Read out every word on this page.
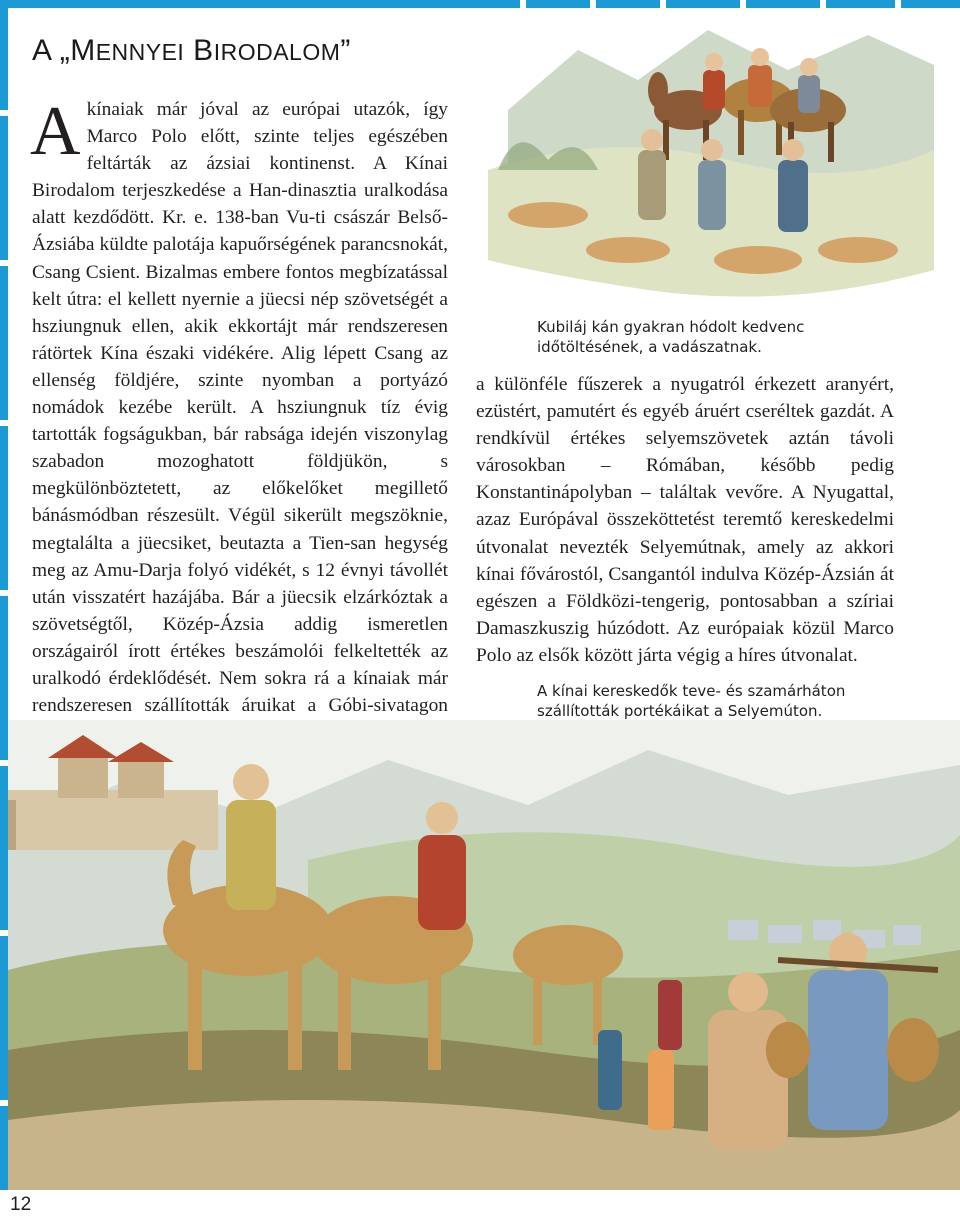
A „MENNYEI BIRODALOM”
Akínaiak már jóval az európai utazók, így Marco Polo előtt, szinte teljes egészében feltárták az ázsiai kontinenst. A Kínai Birodalom terjeszkedése a Han-dinasztia uralkodása alatt kezdődött. Kr. e. 138-ban Vu-ti császár Belső-Ázsiába küldte palotája kapuőrségének parancsnokát, Csang Csient. Bizalmas embere fontos megbízatással kelt útra: el kellett nyernie a jüecsi nép szövetségét a hsziungnuk ellen, akik ekkortájt már rendszeresen rátörtek Kína északi vidékére. Alig lépett Csang az ellenség földjére, szinte nyomban a portyázó nomádok kezébe került. A hsziungnuk tíz évig tartották fogságukban, bár rabsága idején viszonylag szabadon mozoghatott földjükön, s megkülönböztetett, az előkelőket megillető bánásmódban részesült. Végül sikerült megszöknie, megtalálta a jüecsiket, beutazta a Tien-san hegység meg az Amu-Darja folyó vidékét, s 12 évnyi távollét után visszatért hazájába. Bár a jüecsik elzárkóztak a szövetségtől, Közép-Ázsia addig ismeretlen országairól írott értékes beszámolói felkeltették az uralkodó érdeklődését. Nem sokra rá a kínaiak már rendszeresen szállították áruikat a Góbi-sivatagon
Kubiláj kán gyakran hódolt kedvenc időtöltésének, a vadászatnak.
a különféle fűszerek a nyugatról érkezett aranyért, ezüstért, pamutért és egyéb áruért cseréltek gazdát. A rendkívül értékes selyemszövetek aztán távoli városokban – Rómában, később pedig Konstantinápolyban – találtak vevőre. A Nyugattal, azaz Európával összeköttetést teremtő kereskedelmi útvonalat nevezték Selyemútnak, amely az akkori kínai fővárostól, Csangantól indulva Közép-Ázsián át egészen a Földközi-tengerig, pontosabban a szíriai Damaszkuszig húzódott. Az európaiak közül Marco Polo az elsők között járta végig a híres útvonalat.
A kínai kereskedők teve- és szamárháton szállították portékáikat a Selyemúton.
12
